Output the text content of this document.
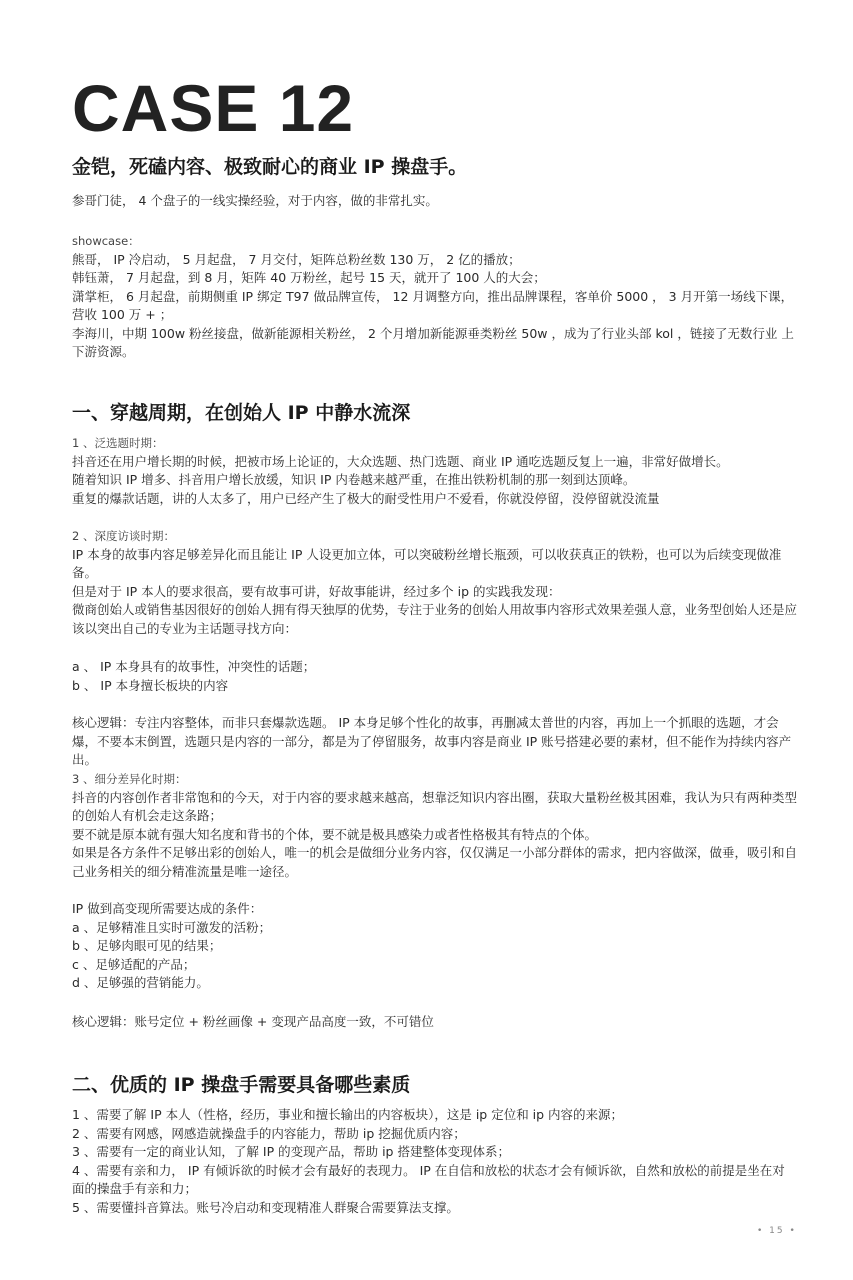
CASE 12
金铠，死磕内容、极致耐心的商业 IP 操盘手。
参哥门徒， 4 个盘子的一线实操经验，对于内容，做的非常扎实。
showcase：
熊哥， IP 冷启动， 5 月起盘， 7 月交付，矩阵总粉丝数 130 万， 2 亿的播放；
韩钰萧， 7 月起盘，到 8 月，矩阵 40 万粉丝，起号 15 天，就开了 100 人的大会；
潇掌柜， 6 月起盘，前期侧重 IP 绑定 T97 做品牌宣传， 12 月调整方向，推出品牌课程，客单价 5000 ， 3 月开第一场线下课，营收 100 万 + ；
李海川，中期 100w 粉丝接盘，做新能源相关粉丝， 2 个月增加新能源垂类粉丝 50w ，成为了行业头部 kol ，链接了无数行业 上下游资源。
一、穿越周期，在创始人 IP 中静水流深
1 、泛选题时期：
抖音还在用户增长期的时候，把被市场上论证的，大众选题、热门选题、商业 IP 通吃选题反复上一遍，非常好做增长。
随着知识 IP 增多、抖音用户增长放缓，知识 IP 内卷越来越严重，在推出铁粉机制的那一刻到达顶峰。
重复的爆款话题，讲的人太多了，用户已经产生了极大的耐受性用户不爱看，你就没停留，没停留就没流量
2 、深度访谈时期：
IP 本身的故事内容足够差异化而且能让 IP 人设更加立体，可以突破粉丝增长瓶颈，可以收获真正的铁粉，也可以为后续变现做准备。
但是对于 IP 本人的要求很高，要有故事可讲，好故事能讲，经过多个 ip 的实践我发现：
微商创始人或销售基因很好的创始人拥有得天独厚的优势，专注于业务的创始人用故事内容形式效果差强人意，业务型创始人还是应该以突出自己的专业为主话题寻找方向：
a 、 IP 本身具有的故事性，冲突性的话题；
b 、 IP 本身擅长板块的内容
核心逻辑：专注内容整体，而非只套爆款选题。 IP 本身足够个性化的故事，再删减太普世的内容，再加上一个抓眼的选题，才会爆，不要本末倒置，选题只是内容的一部分，都是为了停留服务，故事内容是商业 IP 账号搭建必要的素材，但不能作为持续内容产出。
3 、细分差异化时期：
抖音的内容创作者非常饱和的今天，对于内容的要求越来越高，想靠泛知识内容出圈，获取大量粉丝极其困难，我认为只有两种类型的创始人有机会走这条路；
要不就是原本就有强大知名度和背书的个体，要不就是极具感染力或者性格极其有特点的个体。
如果是各方条件不足够出彩的创始人，唯一的机会是做细分业务内容，仅仅满足一小部分群体的需求，把内容做深，做垂，吸引和自己业务相关的细分精准流量是唯一途径。
IP 做到高变现所需要达成的条件：
a 、足够精准且实时可激发的活粉；
b 、足够肉眼可见的结果；
c 、足够适配的产品；
d 、足够强的营销能力。
核心逻辑：账号定位 + 粉丝画像 + 变现产品高度一致，不可错位
二、优质的 IP 操盘手需要具备哪些素质
1 、需要了解 IP 本人（性格，经历，事业和擅长输出的内容板块），这是 ip 定位和 ip 内容的来源；
2 、需要有网感，网感造就操盘手的内容能力，帮助 ip 挖掘优质内容；
3 、需要有一定的商业认知，了解 IP 的变现产品，帮助 ip 搭建整体变现体系；
4 、需要有亲和力， IP 有倾诉欲的时候才会有最好的表现力。 IP 在自信和放松的状态才会有倾诉欲，自然和放松的前提是坐在对面的操盘手有亲和力；
5 、需要懂抖音算法。账号冷启动和变现精准人群聚合需要算法支撑。
• 15 •
